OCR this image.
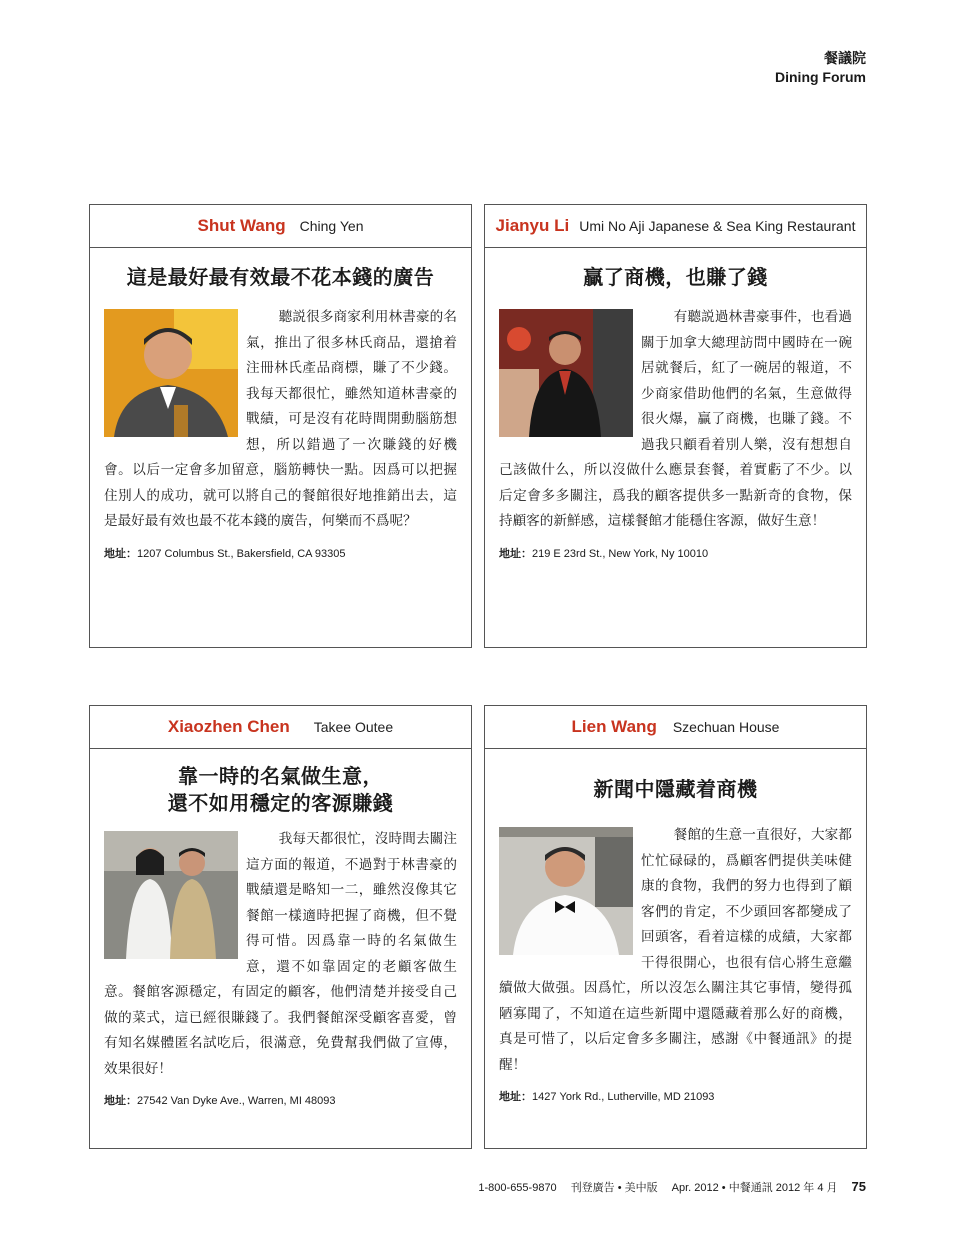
餐議院
Dining Forum
Shut Wang Ching Yen
這是最好最有效最不花本錢的廣告

聽説很多商家利用林書豪的名氣，推出了很多林氏商品，還搶着注冊林氏產品商標，賺了不少錢。我每天都很忙，雖然知道林書豪的戰績，可是沒有花時間開動腦筋想想，所以錯過了一次賺錢的好機會。以后一定會多加留意，腦筋轉快一點。因爲可以把握住別人的成功，就可以將自己的餐館很好地推銷出去，這是最好最有效也最不花本錢的廣告，何樂而不爲呢？

地址：1207 Columbus St., Bakersfield, CA 93305
Jianyu Li Umi No Aji Japanese & Sea King Restaurant
贏了商機，也賺了錢

有聽説過林書豪事件，也看過關于加拿大總理訪問中國時在一碗居就餐后，紅了一碗居的報道，不少商家借助他們的名氣，生意做得很火爆，贏了商機，也賺了錢。不過我只顧看着別人樂，沒有想想自己該做什么，所以沒做什么應景套餐，着實虧了不少。以后定會多多關注，爲我的顧客提供多一點新奇的食物，保持顧客的新鮮感，這樣餐館才能穩住客源，做好生意！

地址：219 E 23rd St., New York, Ny 10010
Xiaozhen Chen Takee Outee
靠一時的名氣做生意，
還不如用穩定的客源賺錢

我每天都很忙，沒時間去關注這方面的報道，不過對于林書豪的戰績還是略知一二，雖然沒像其它餐館一樣適時把握了商機，但不覺得可惜。因爲靠一時的名氣做生意，還不如靠固定的老顧客做生意。餐館客源穩定，有固定的顧客，他們清楚并接受自己做的菜式，這已經很賺錢了。我們餐館深受顧客喜愛，曾有知名媒體匿名試吃后，很滿意，免費幫我們做了宣傳，效果很好！

地址：27542 Van Dyke Ave., Warren, MI 48093
Lien Wang Szechuan House
新聞中隱藏着商機

餐館的生意一直很好，大家都忙忙碌碌的，爲顧客們提供美味健康的食物，我們的努力也得到了顧客們的肯定，不少頭回客都變成了回頭客，看着這樣的成績，大家都干得很開心，也很有信心將生意繼續做大做强。因爲忙，所以沒怎么關注其它事情，變得孤陋寡聞了，不知道在這些新聞中還隱藏着那么好的商機，真是可惜了，以后定會多多關注，感謝《中餐通訊》的提醒！

地址：1427 York Rd., Lutherville, MD 21093
1-800-655-9870 刊登廣告 • 美中版 Apr. 2012 • 中餐通訊 2012 年 4 月 75
